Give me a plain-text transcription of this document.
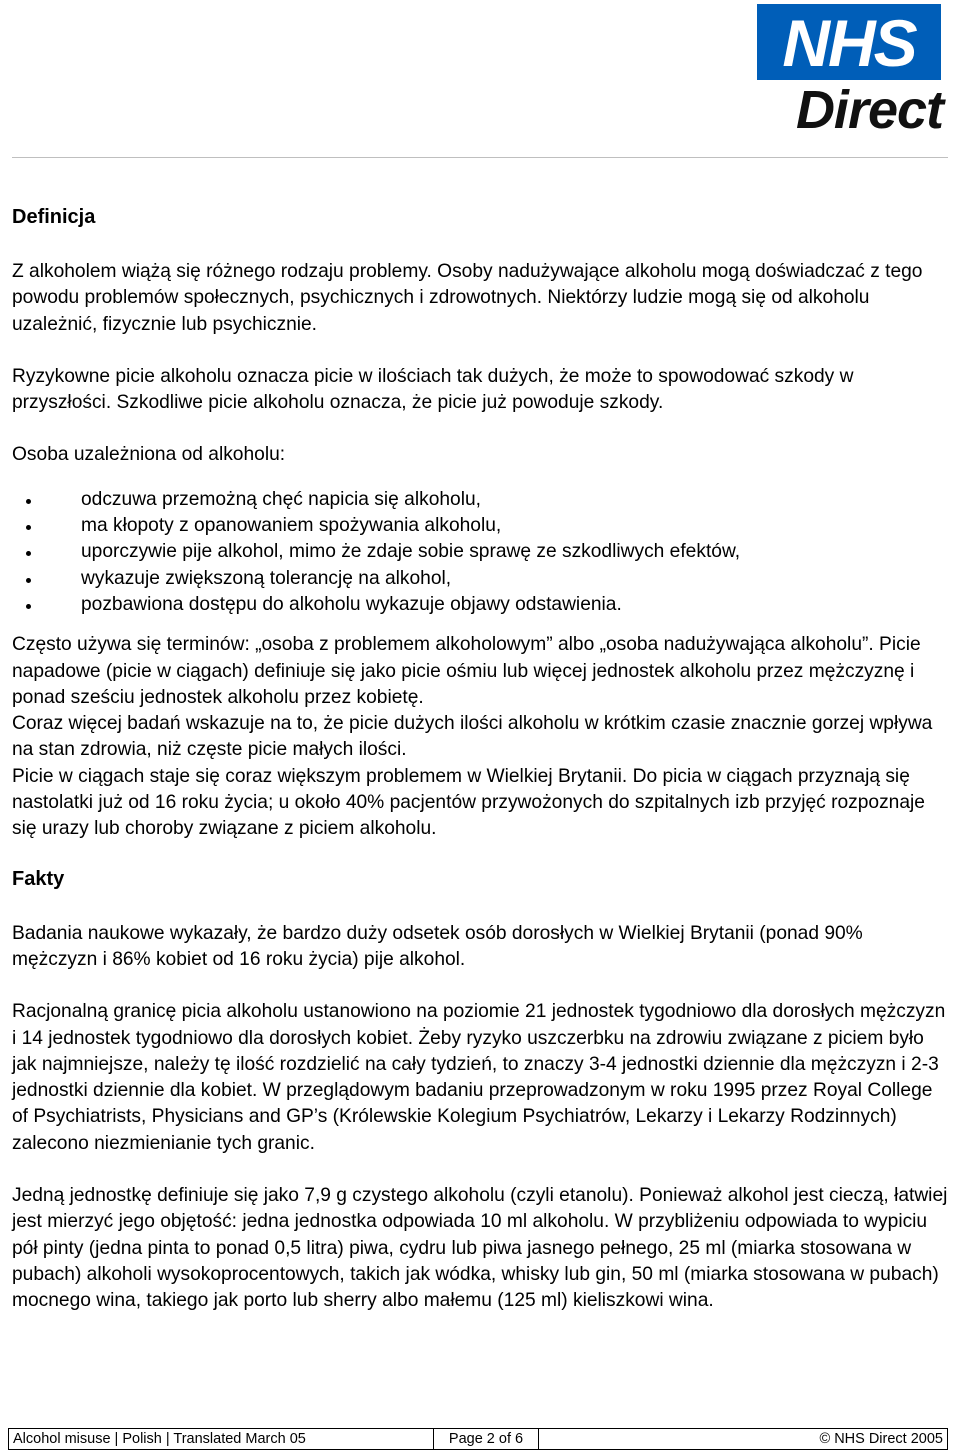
NHS
Direct

Definicja

Z alkoholem wiążą się różnego rodzaju problemy. Osoby nadużywające alkoholu mogą doświadczać z tego powodu problemów społecznych, psychicznych i zdrowotnych. Niektórzy ludzie mogą się od alkoholu uzależnić, fizycznie lub psychicznie.

Ryzykowne picie alkoholu oznacza picie w ilościach tak dużych, że może to spowodować szkody w przyszłości. Szkodliwe picie alkoholu oznacza, że picie już powoduje szkody.

Osoba uzależniona od alkoholu:

odczuwa przemożną chęć napicia się alkoholu,
ma kłopoty z opanowaniem spożywania alkoholu,
uporczywie pije alkohol, mimo że zdaje sobie sprawę ze szkodliwych efektów,
wykazuje zwiększoną tolerancję na alkohol,
pozbawiona dostępu do alkoholu wykazuje objawy odstawienia.

Często używa się terminów: „osoba z problemem alkoholowym” albo „osoba nadużywająca alkoholu”. Picie napadowe (picie w ciągach) definiuje się jako picie ośmiu lub więcej jednostek alkoholu przez mężczyznę i ponad sześciu jednostek alkoholu przez kobietę.

Coraz więcej badań wskazuje na to, że picie dużych ilości alkoholu w krótkim czasie znacznie gorzej wpływa na stan zdrowia, niż częste picie małych ilości.

Picie w ciągach staje się coraz większym problemem w Wielkiej Brytanii. Do picia w ciągach przyznają się nastolatki już od 16 roku życia; u około 40% pacjentów przywożonych do szpitalnych izb przyjęć rozpoznaje się urazy lub choroby związane z piciem alkoholu.

Fakty

Badania naukowe wykazały, że bardzo duży odsetek osób dorosłych w Wielkiej Brytanii (ponad 90% mężczyzn i 86% kobiet od 16 roku życia) pije alkohol.

Racjonalną granicę picia alkoholu ustanowiono na poziomie 21 jednostek tygodniowo dla dorosłych mężczyzn i 14 jednostek tygodniowo dla dorosłych kobiet. Żeby ryzyko uszczerbku na zdrowiu związane z piciem było jak najmniejsze, należy tę ilość rozdzielić na cały tydzień, to znaczy 3-4 jednostki dziennie dla mężczyzn i 2-3 jednostki dziennie dla kobiet. W przeglądowym badaniu przeprowadzonym w roku 1995 przez Royal College of Psychiatrists, Physicians and GP’s (Królewskie Kolegium Psychiatrów, Lekarzy i Lekarzy Rodzinnych) zalecono niezmienianie tych granic.

Jedną jednostkę definiuje się jako 7,9 g czystego alkoholu (czyli etanolu). Ponieważ alkohol jest cieczą, łatwiej jest mierzyć jego objętość: jedna jednostka odpowiada 10 ml alkoholu. W przybliżeniu odpowiada to wypiciu pół pinty (jedna pinta to ponad 0,5 litra) piwa, cydru lub piwa jasnego pełnego, 25 ml (miarka stosowana w pubach) alkoholi wysokoprocentowych, takich jak wódka, whisky lub gin, 50 ml (miarka stosowana w pubach) mocnego wina, takiego jak porto lub sherry albo małemu (125 ml) kieliszkowi wina.

Alcohol misuse | Polish | Translated March 05	Page 2 of 6	© NHS Direct 2005
